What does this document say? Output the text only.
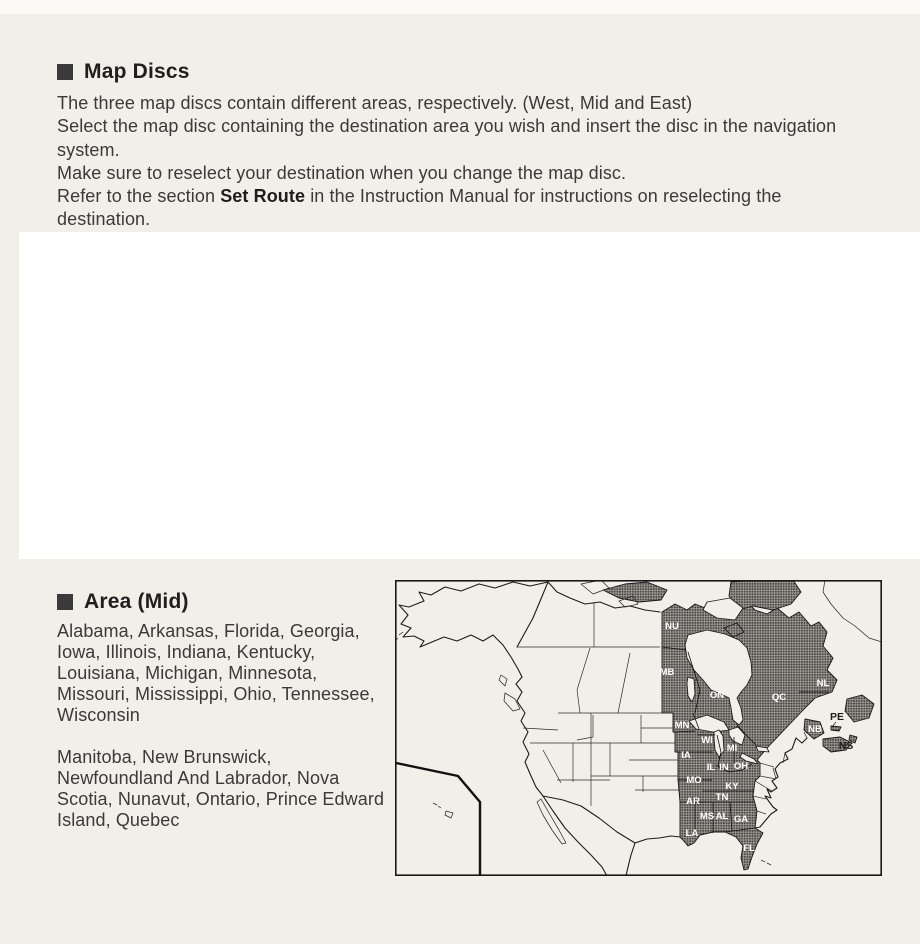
Map Discs

The three map discs contain different areas, respectively. (West, Mid and East)

Select the map disc containing the destination area you wish and insert the disc in the navigation system.

Make sure to reselect your destination when you change the map disc.

Refer to the section Set Route in the Instruction Manual for instructions on reselecting the destination.

Area (Mid)

Alabama, Arkansas, Florida, Georgia, Iowa, Illinois, Indiana, Kentucky, Louisiana, Michigan, Minnesota, Missouri, Mississippi, Ohio, Tennessee, Wisconsin

Manitoba, New Brunswick, Newfoundland And Labrador, Nova Scotia, Nunavut, Ontario, Prince Edward Island, Quebec

NU
MB
ON	QC
NL
NB
PE
NS
MN
WI
MI
IA
IL IN OH
MO
KY
TN
AR
MS AL GA
LA
FL
